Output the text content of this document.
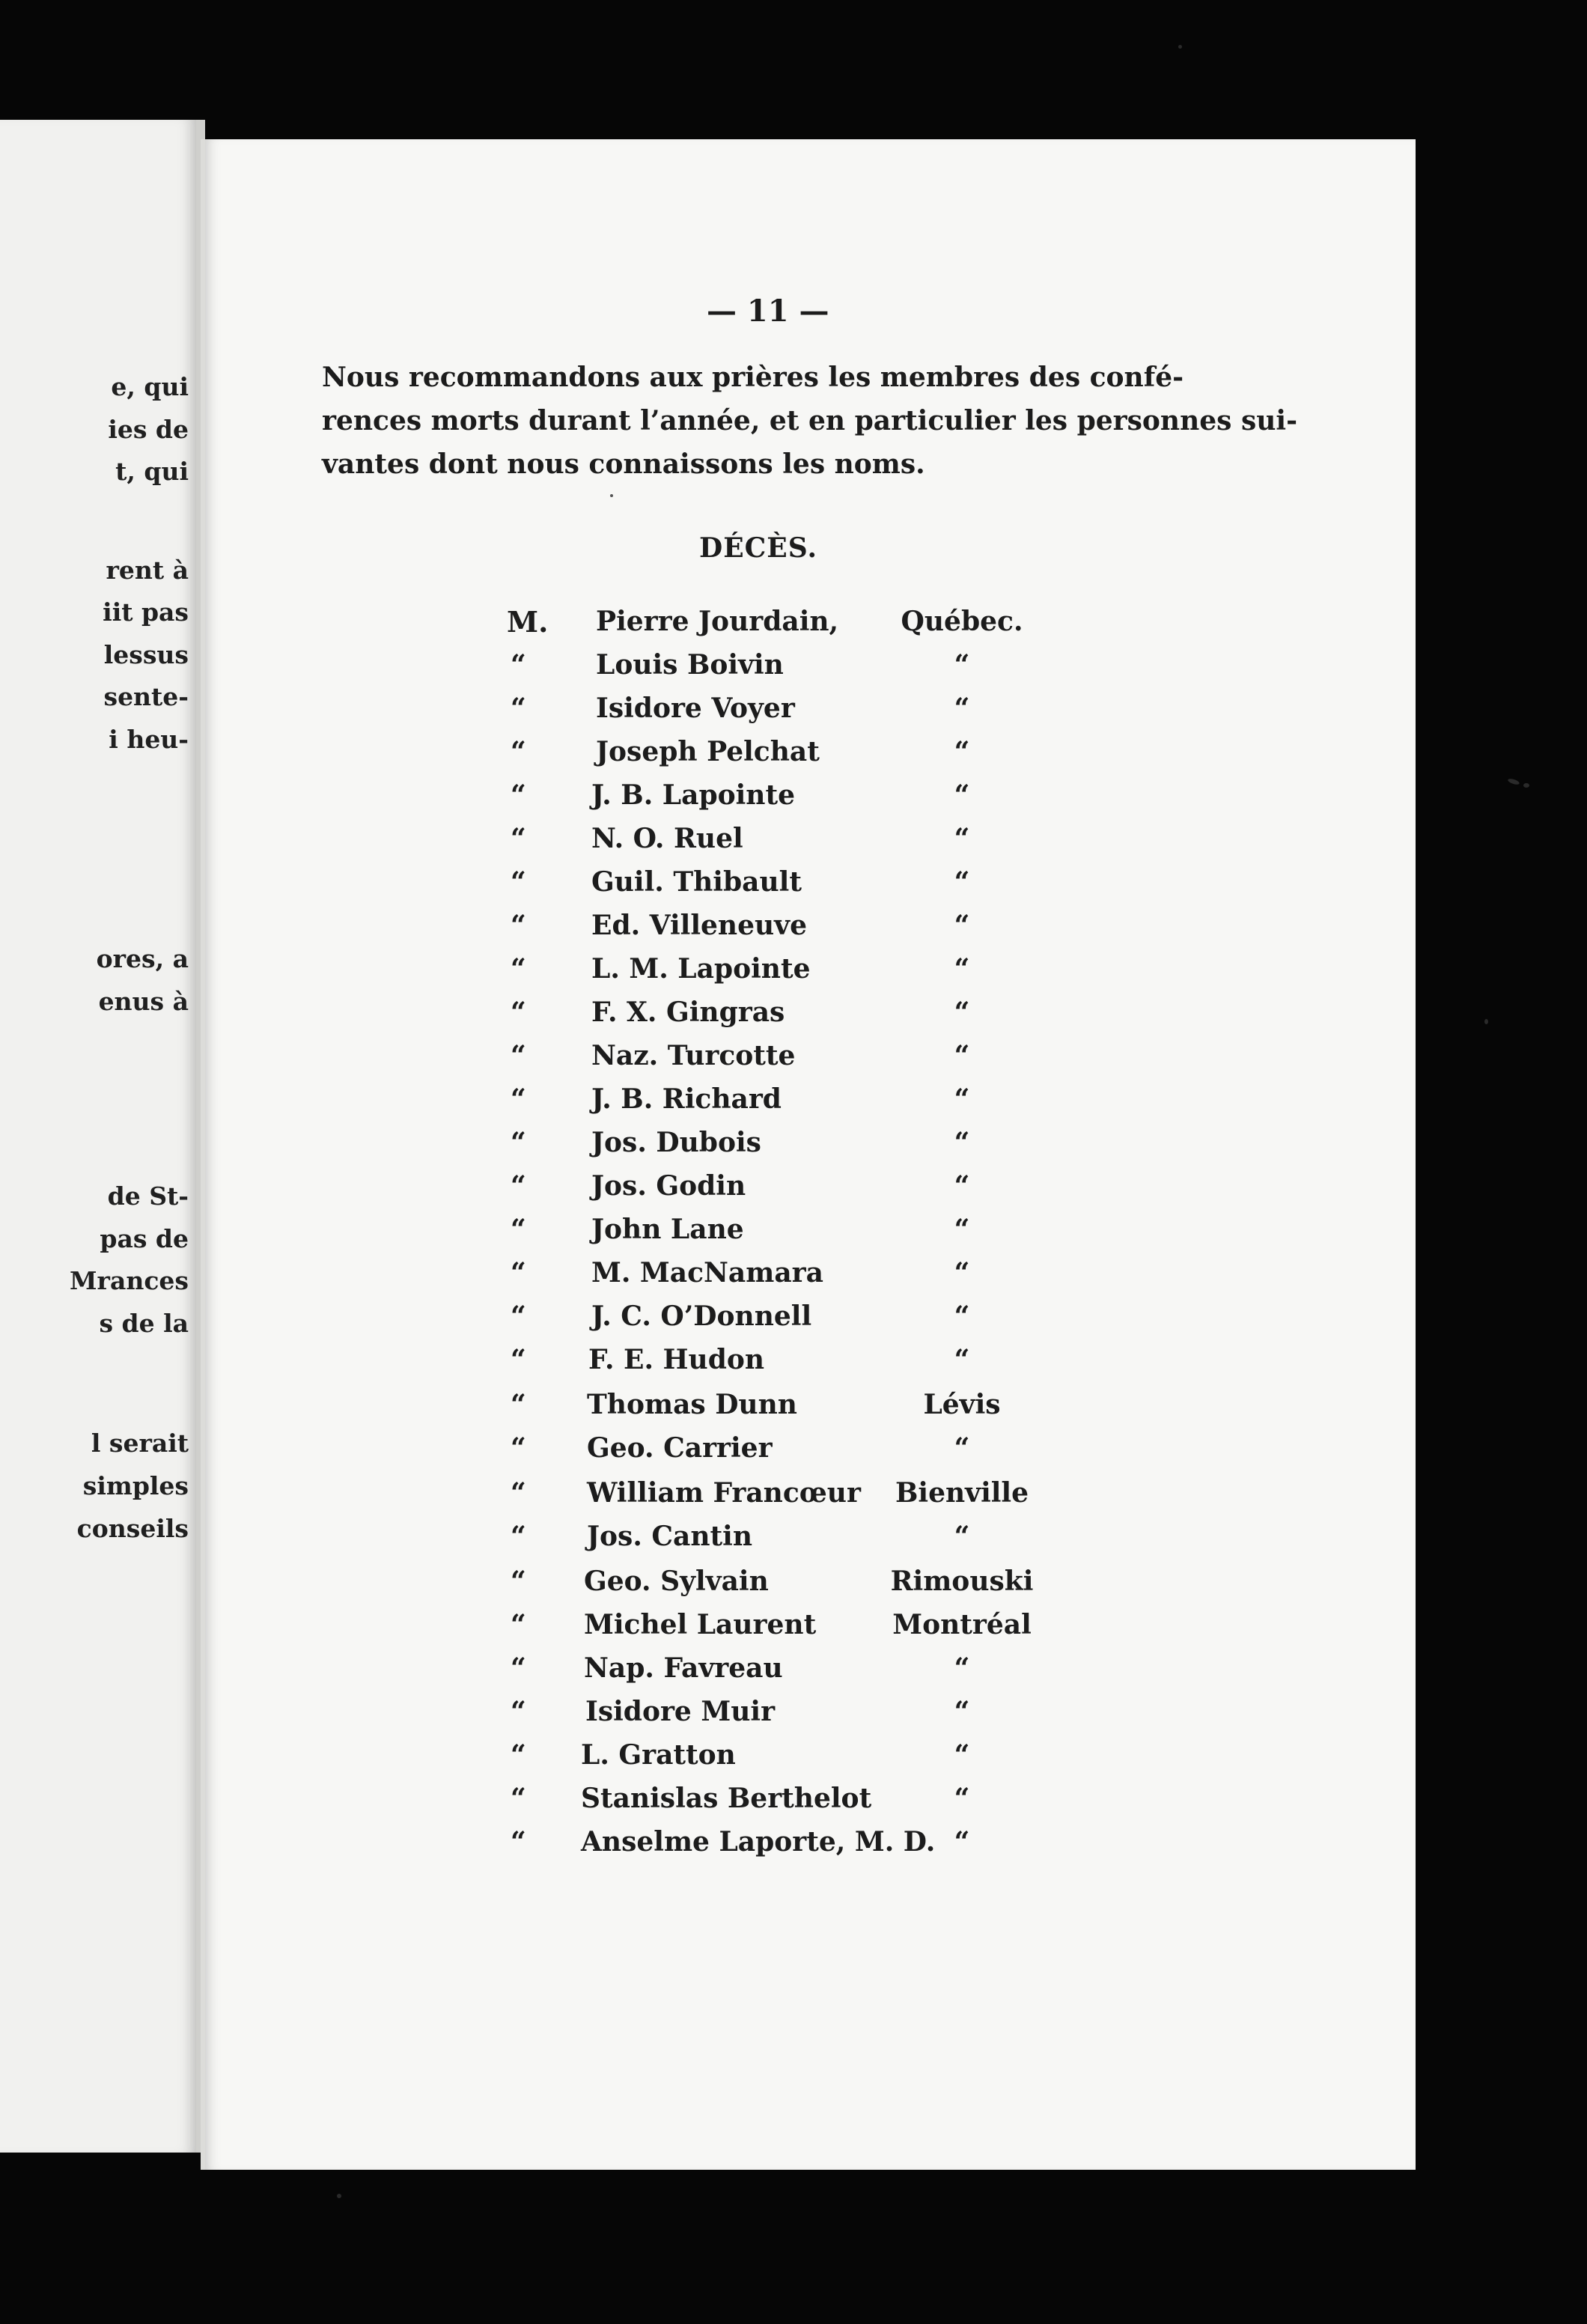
e, qui
ies de
t, qui
rent à
iit pas
lessus
sente-
i heu-
ores, a
enus à
de St-
pas de
Mrances
s de la
l serait
simples
conseils
— 11 —
Nous recommandons aux prières les membres des confé-
rences morts durant l’année, et en particulier les personnes sui-
vantes dont nous connaissons les noms.
DÉCÈS.
M. Pierre Jourdain, Québec.
“	Louis Boivin	“
“	Isidore Voyer	“
“	Joseph Pelchat	“
“ J. B. Lapointe	“
“ N. O. Ruel	“
“ Guil. Thibault	“
“ Ed. Villeneuve	“
“ L. M. Lapointe	“
“ F. X. Gingras	“
“ Naz. Turcotte	“
“ J. B. Richard	“
“ Jos. Dubois	“
“ Jos. Godin	“
“ John Lane	“
“ M. MacNamara	“
“ J. C. O’Donnell	“
“ F. E. Hudon	“
“ Thomas Dunn	Lévis
“ Geo. Carrier	“
“ William Francœur Bienville
“ Jos. Cantin	“
“ Geo. Sylvain	Rimouski
“ Michel Laurent	Montréal
“ Nap. Favreau	“
“ Isidore Muir	“
“ L. Gratton	“
“ Stanislas Berthelot	“
“ Anselme Laporte, M. D. “
